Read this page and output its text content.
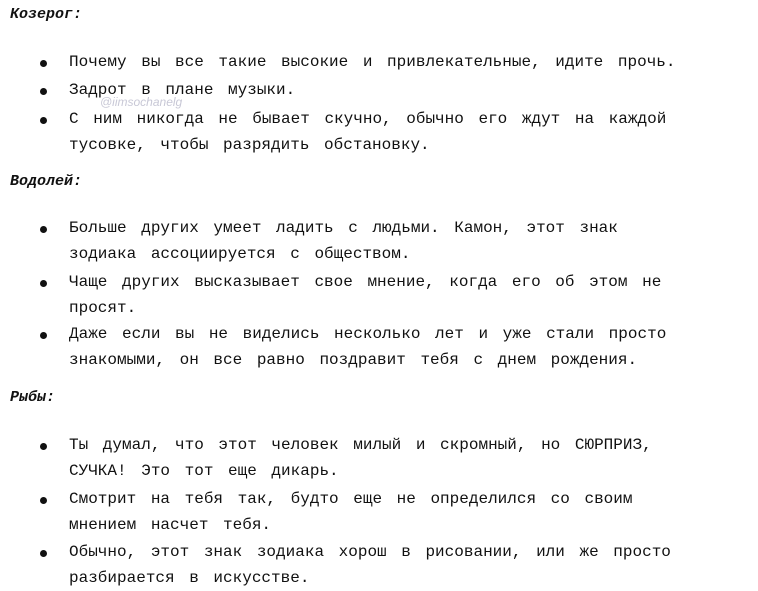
@iimsochanelg

Козерог:

Почему вы все такие высокие и привлекательные, идите прочь.
Задрот в плане музыки.
С ним никогда не бывает скучно, обычно его ждут на каждой
тусовке, чтобы разрядить обстановку.

Водолей:

Больше других умеет ладить с людьми. Камон, этот знак
зодиака ассоциируется с обществом.
Чаще других высказывает свое мнение, когда его об этом не
просят.
Даже если вы не виделись несколько лет и уже стали просто
знакомыми, он все равно поздравит тебя с днем рождения.

Рыбы:

Ты думал, что этот человек милый и скромный, но СЮРПРИЗ,
СУЧКА! Это тот еще дикарь.
Смотрит на тебя так, будто еще не определился со своим
мнением насчет тебя.
Обычно, этот знак зодиака хорош в рисовании, или же просто
разбирается в искусстве.
